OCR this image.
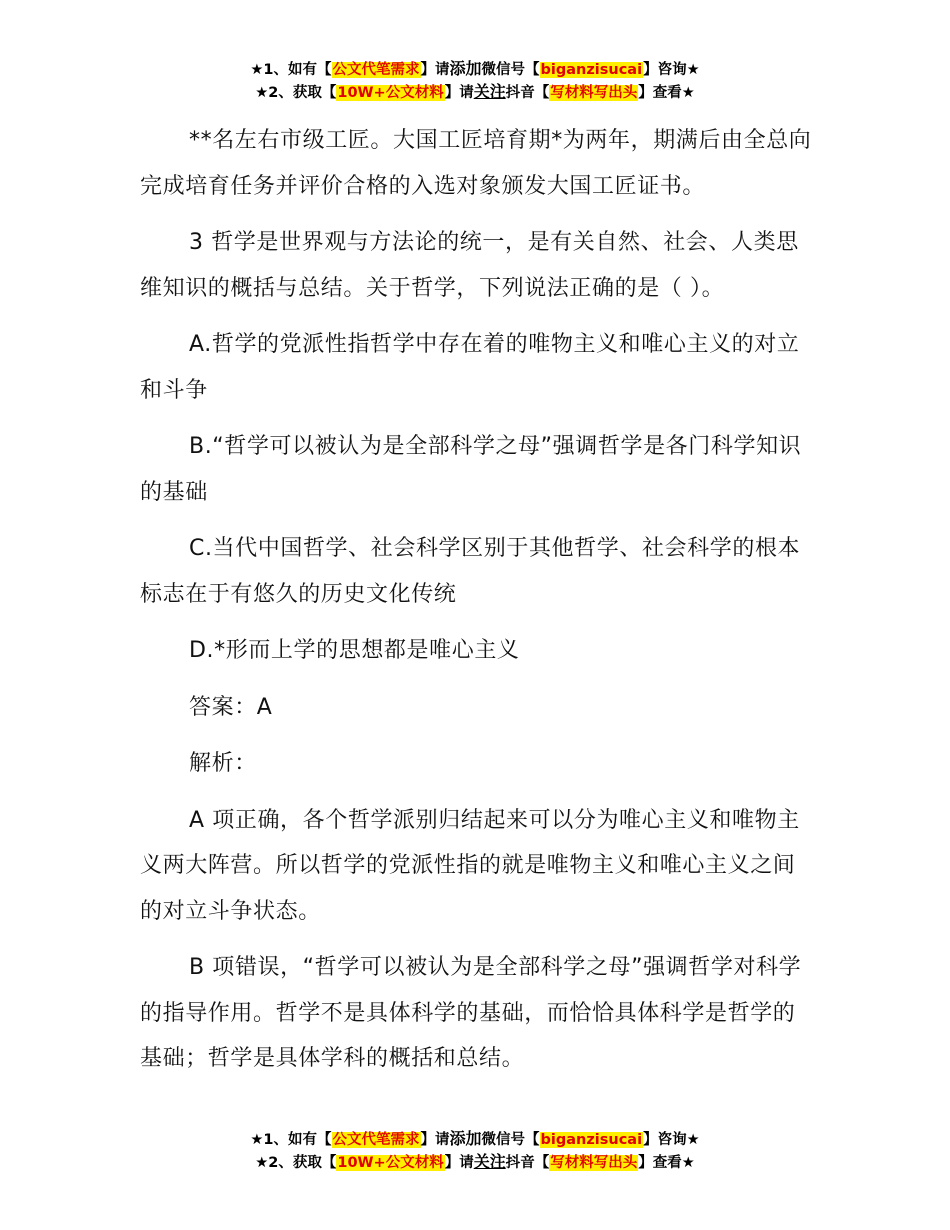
★1、如有【公文代笔需求】请添加微信号【biganzisucai】咨询★
★2、获取【10W+公文材料】请关注抖音【写材料写出头】查看★

**名左右市级工匠。大国工匠培育期*为两年，期满后由全总向完成培育任务并评价合格的入选对象颁发大国工匠证书。

3 哲学是世界观与方法论的统一，是有关自然、社会、人类思维知识的概括与总结。关于哲学，下列说法正确的是（ ）。

A.哲学的党派性指哲学中存在着的唯物主义和唯心主义的对立和斗争

B.“哲学可以被认为是全部科学之母”强调哲学是各门科学知识的基础

C.当代中国哲学、社会科学区别于其他哲学、社会科学的根本标志在于有悠久的历史文化传统

D.*形而上学的思想都是唯心主义

答案：A

解析：

A 项正确，各个哲学派别归结起来可以分为唯心主义和唯物主义两大阵营。所以哲学的党派性指的就是唯物主义和唯心主义之间的对立斗争状态。

B 项错误，“哲学可以被认为是全部科学之母”强调哲学对科学的指导作用。哲学不是具体科学的基础，而恰恰具体科学是哲学的基础；哲学是具体学科的概括和总结。

★1、如有【公文代笔需求】请添加微信号【biganzisucai】咨询★
★2、获取【10W+公文材料】请关注抖音【写材料写出头】查看★
